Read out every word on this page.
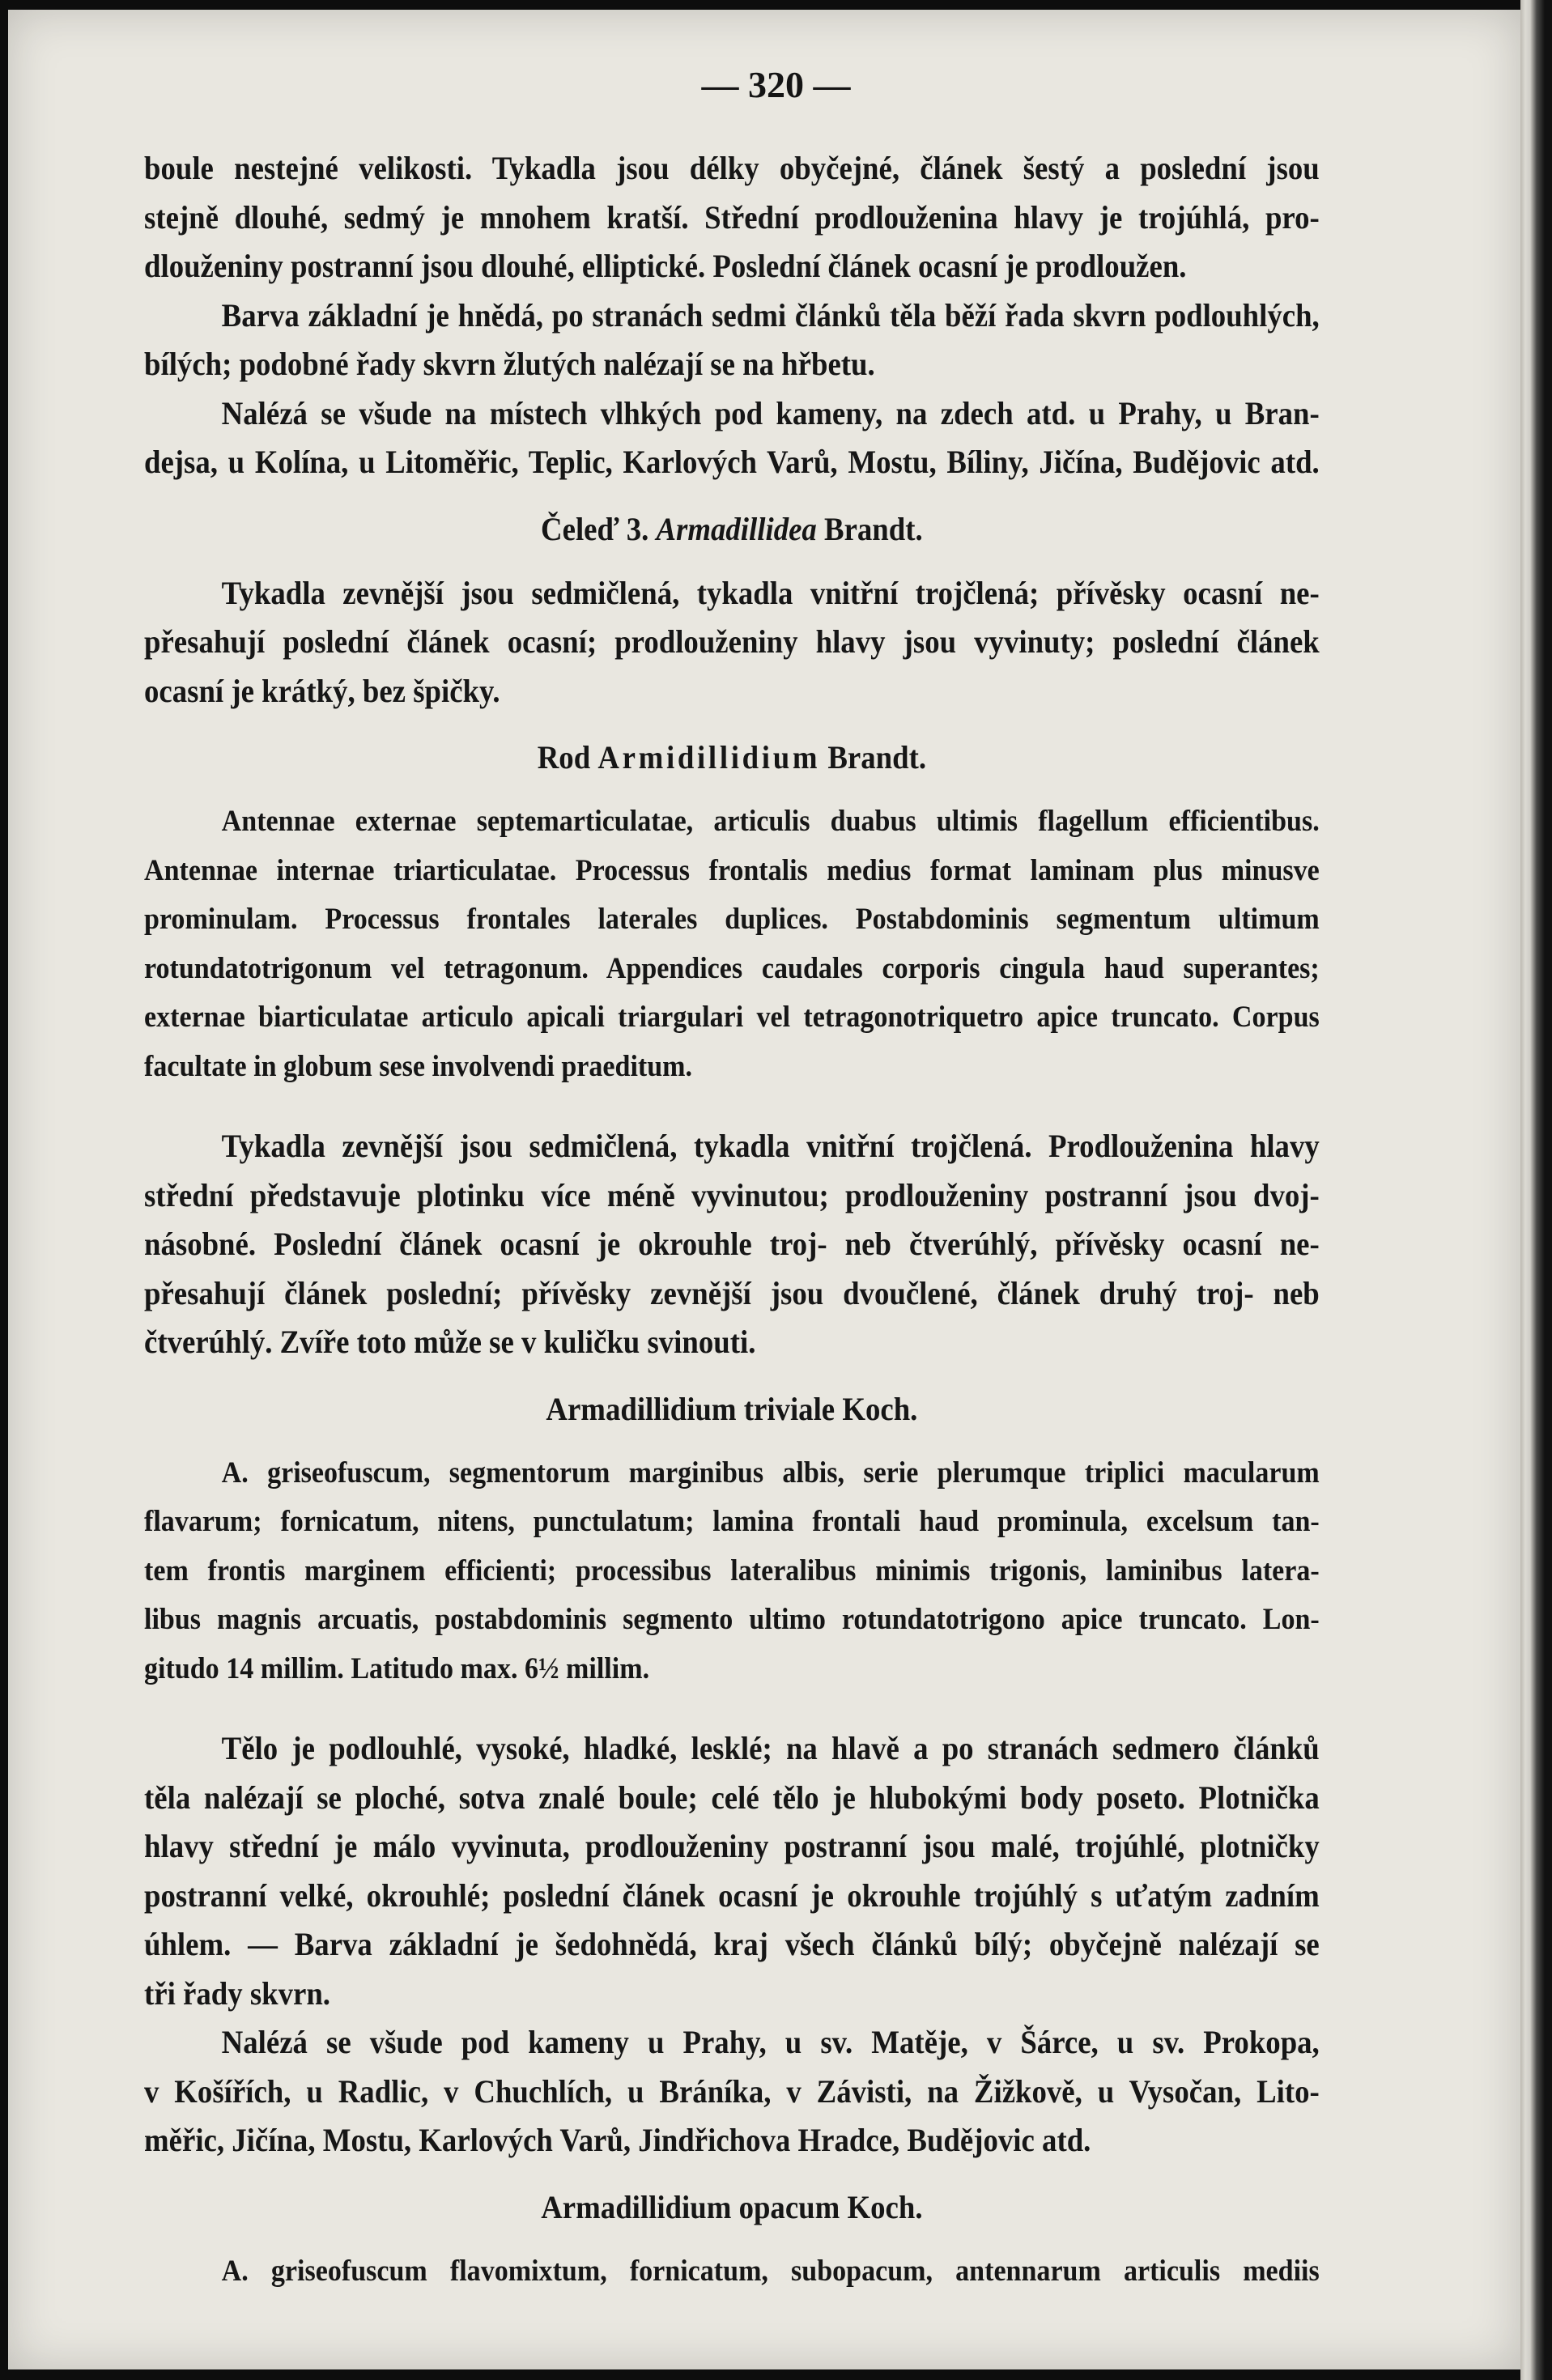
— 320 —

boule nestejné velikosti. Tykadla jsou délky obyčejné, článek šestý a poslední jsou

stejně dlouhé, sedmý je mnohem kratší. Střední prodlouženina hlavy je trojúhlá, pro-

dlouženiny postranní jsou dlouhé, elliptické. Poslední článek ocasní je prodloužen.

Barva základní je hnědá, po stranách sedmi článků těla běží řada skvrn podlouhlých,

bílých; podobné řady skvrn žlutých nalézají se na hřbetu.

Nalézá se všude na místech vlhkých pod kameny, na zdech atd. u Prahy, u Bran-

dejsa, u Kolína, u Litoměřic, Teplic, Karlových Varů, Mostu, Bíliny, Jičína, Budějovic atd.

Čeleď 3. Armadillidea Brandt.

Tykadla zevnější jsou sedmičlená, tykadla vnitřní trojčlená; přívěsky ocasní ne-

přesahují poslední článek ocasní; prodlouženiny hlavy jsou vyvinuty; poslední článek

ocasní je krátký, bez špičky.

Rod Armidillidium Brandt.

Antennae externae septemarticulatae, articulis duabus ultimis flagellum efficientibus.

Antennae internae triarticulatae. Processus frontalis medius format laminam plus minusve

prominulam. Processus frontales laterales duplices. Postabdominis segmentum ultimum

rotundatotrigonum vel tetragonum. Appendices caudales corporis cingula haud superantes;

externae biarticulatae articulo apicali triargulari vel tetragonotriquetro apice truncato. Corpus

facultate in globum sese involvendi praeditum.

Tykadla zevnější jsou sedmičlená, tykadla vnitřní trojčlená. Prodlouženina hlavy

střední představuje plotinku více méně vyvinutou; prodlouženiny postranní jsou dvoj-

násobné. Poslední článek ocasní je okrouhle troj- neb čtverúhlý, přívěsky ocasní ne-

přesahují článek poslední; přívěsky zevnější jsou dvoučlené, článek druhý troj- neb

čtverúhlý. Zvíře toto může se v kuličku svinouti.

Armadillidium triviale Koch.

A. griseofuscum, segmentorum marginibus albis, serie plerumque triplici macularum

flavarum; fornicatum, nitens, punctulatum; lamina frontali haud prominula, excelsum tan-

tem frontis marginem efficienti; processibus lateralibus minimis trigonis, laminibus latera-

libus magnis arcuatis, postabdominis segmento ultimo rotundatotrigono apice truncato. Lon-

gitudo 14 millim. Latitudo max. 6½ millim.

Tělo je podlouhlé, vysoké, hladké, lesklé; na hlavě a po stranách sedmero článků

těla nalézají se ploché, sotva znalé boule; celé tělo je hlubokými body poseto. Plotnička

hlavy střední je málo vyvinuta, prodlouženiny postranní jsou malé, trojúhlé, plotničky

postranní velké, okrouhlé; poslední článek ocasní je okrouhle trojúhlý s uťatým zadním

úhlem. — Barva základní je šedohnědá, kraj všech článků bílý; obyčejně nalézají se

tři řady skvrn.

Nalézá se všude pod kameny u Prahy, u sv. Matěje, v Šárce, u sv. Prokopa,

v Košířích, u Radlic, v Chuchlích, u Bráníka, v Závisti, na Žižkově, u Vysočan, Lito-

měřic, Jičína, Mostu, Karlových Varů, Jindřichova Hradce, Budějovic atd.

Armadillidium opacum Koch.

A. griseofuscum flavomixtum, fornicatum, subopacum, antennarum articulis mediis
